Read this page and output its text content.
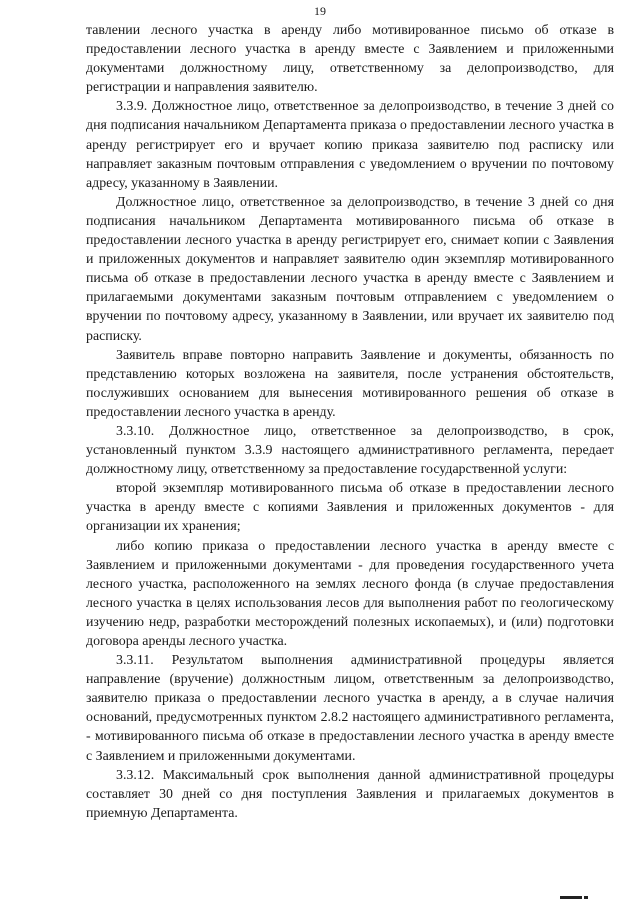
19

тавлении лесного участка в аренду либо мотивированное письмо об отказе в предоставлении лесного участка в аренду вместе с Заявлением и приложенными документами должностному лицу, ответственному за делопроизводство, для регистрации и направления заявителю.

3.3.9. Должностное лицо, ответственное за делопроизводство, в течение 3 дней со дня подписания начальником Департамента приказа о предоставлении лесного участка в аренду регистрирует его и вручает копию приказа заявителю под расписку или направляет заказным почтовым отправления с уведомлением о вручении по почтовому адресу, указанному в Заявлении.

Должностное лицо, ответственное за делопроизводство, в течение 3 дней со дня подписания начальником Департамента мотивированного письма об отказе в предоставлении лесного участка в аренду регистрирует его, снимает копии с Заявления и приложенных документов и направляет заявителю один экземпляр мотивированного письма об отказе в предоставлении лесного участка в аренду вместе с Заявлением и прилагаемыми документами заказным почтовым отправлением с уведомлением о вручении по почтовому адресу, указанному в Заявлении, или вручает их заявителю под расписку.

Заявитель вправе повторно направить Заявление и документы, обязанность по представлению которых возложена на заявителя, после устранения обстоятельств, послуживших основанием для вынесения мотивированного решения об отказе в предоставлении лесного участка в аренду.

3.3.10. Должностное лицо, ответственное за делопроизводство, в срок, установленный пунктом 3.3.9 настоящего административного регламента, передает должностному лицу, ответственному за предоставление государственной услуги:

второй экземпляр мотивированного письма об отказе в предоставлении лесного участка в аренду вместе с копиями Заявления и приложенных документов - для организации их хранения;

либо копию приказа о предоставлении лесного участка в аренду вместе с Заявлением и приложенными документами - для проведения государственного учета лесного участка, расположенного на землях лесного фонда (в случае предоставления лесного участка в целях использования лесов для выполнения работ по геологическому изучению недр, разработки месторождений полезных ископаемых), и (или) подготовки договора аренды лесного участка.

3.3.11. Результатом выполнения административной процедуры является направление (вручение) должностным лицом, ответственным за делопроизводство, заявителю приказа о предоставлении лесного участка в аренду, а в случае наличия оснований, предусмотренных пунктом 2.8.2 настоящего административного регламента, - мотивированного письма об отказе в предоставлении лесного участка в аренду вместе с Заявлением и приложенными документами.

3.3.12. Максимальный срок выполнения данной административной процедуры составляет 30 дней со дня поступления Заявления и прилагаемых документов в приемную Департамента.
